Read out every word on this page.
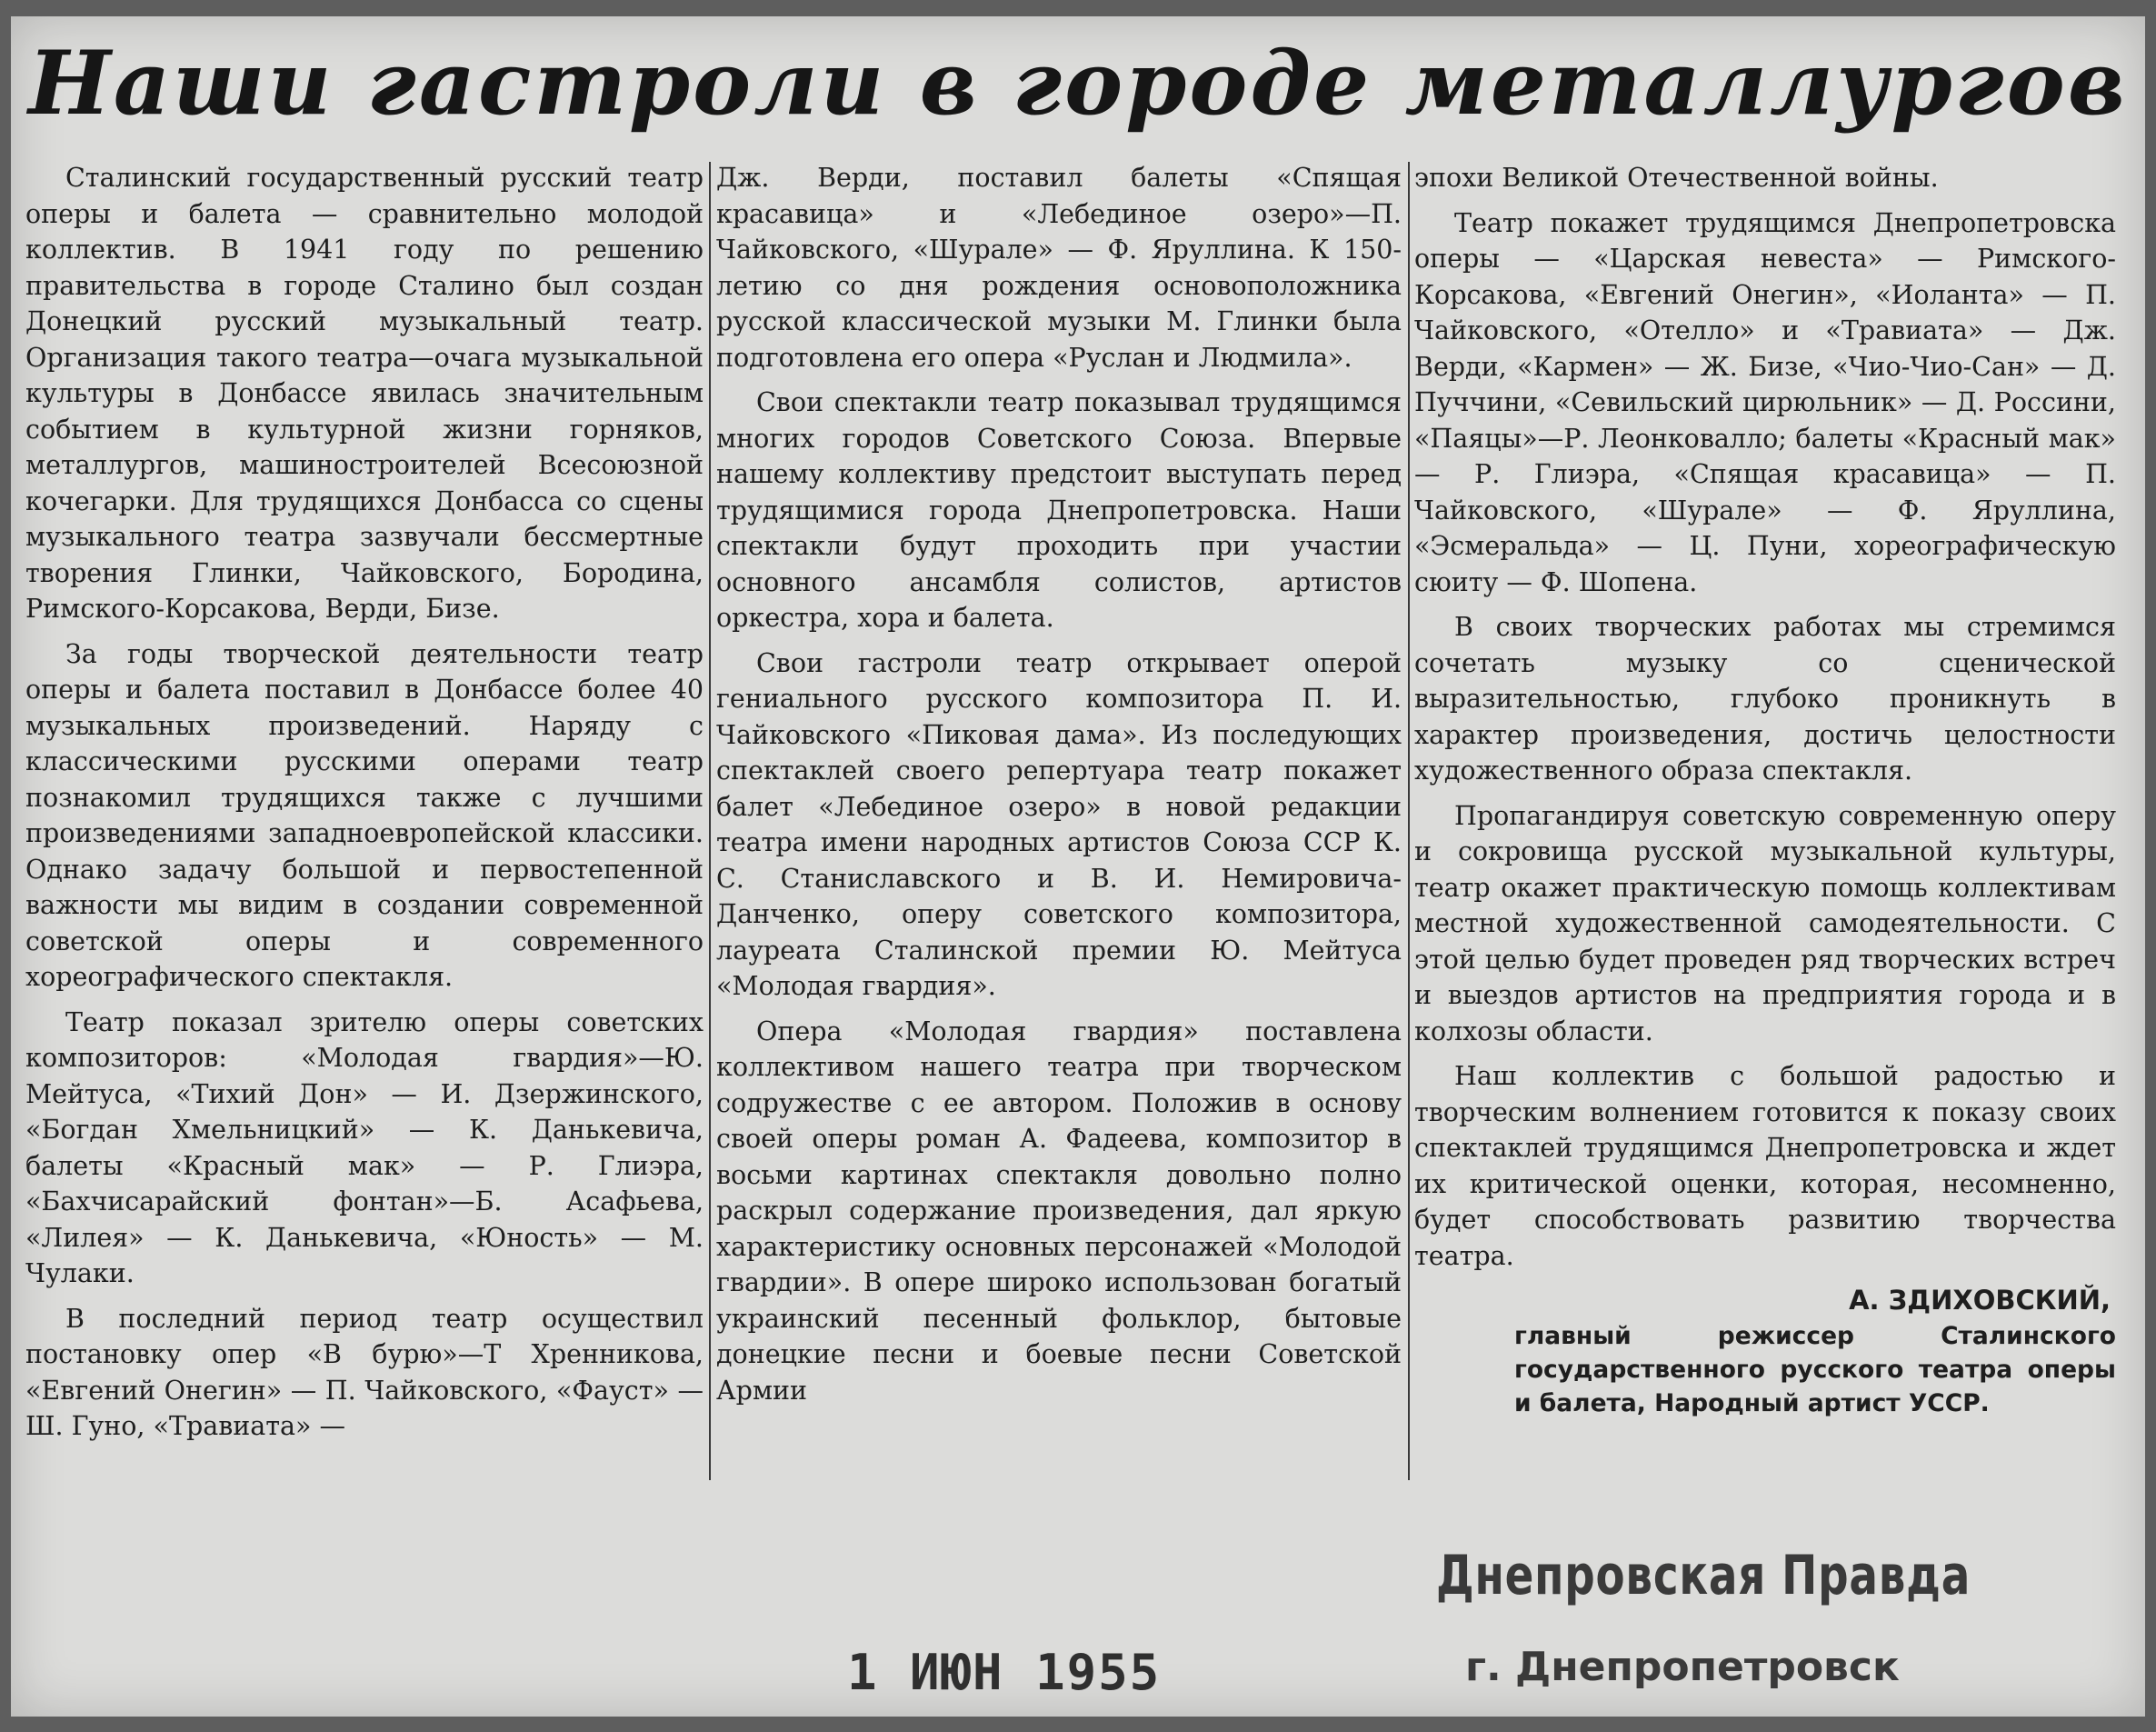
Наши гастроли в городе металлургов

Сталинский государственный русский театр оперы и балета — сравнительно молодой коллектив. В 1941 году по решению правительства в городе Сталино был создан Донецкий русский музыкальный театр. Организация такого театра—очага музыкальной культуры в Донбассе явилась значительным событием в культурной жизни горняков, металлургов, машиностроителей Всесоюзной кочегарки. Для трудящихся Донбасса со сцены музыкального театра зазвучали бессмертные творения Глинки, Чайковского, Бородина, Римского-Корсакова, Верди, Бизе.

За годы творческой деятельности театр оперы и балета поставил в Донбассе более 40 музыкальных произведений. Наряду с классическими русскими операми театр познакомил трудящихся также с лучшими произведениями западноевропейской классики. Однако задачу большой и первостепенной важности мы видим в создании современной советской оперы и современного хореографического спектакля.

Театр показал зрителю оперы советских композиторов: «Молодая гвардия»—Ю. Мейтуса, «Тихий Дон» — И. Дзержинского, «Богдан Хмельницкий» — К. Данькевича, балеты «Красный мак» — Р. Глиэра, «Бахчисарайский фонтан»—Б. Асафьева, «Лилея» — К. Данькевича, «Юность» — М. Чулаки.

В последний период театр осуществил постановку опер «В бурю»—Т Хренникова, «Евгений Онегин» — П. Чайковского, «Фауст» — Ш. Гуно, «Травиата» —

Дж. Верди, поставил балеты «Спящая красавица» и «Лебединое озеро»—П. Чайковского, «Шурале» — Ф. Яруллина. К 150-летию со дня рождения основоположника русской классической музыки М. Глинки была подготовлена его опера «Руслан и Людмила».

Свои спектакли театр показывал трудящимся многих городов Советского Союза. Впервые нашему коллективу предстоит выступать перед трудящимися города Днепропетровска. Наши спектакли будут проходить при участии основного ансамбля солистов, артистов оркестра, хора и балета.

Свои гастроли театр открывает оперой гениального русского композитора П. И. Чайковского «Пиковая дама». Из последующих спектаклей своего репертуара театр покажет балет «Лебединое озеро» в новой редакции театра имени народных артистов Союза ССР К. С. Станиславского и В. И. Немировича-Данченко, оперу советского композитора, лауреата Сталинской премии Ю. Мейтуса «Молодая гвардия».

Опера «Молодая гвардия» поставлена коллективом нашего театра при творческом содружестве с ее автором. Положив в основу своей оперы роман А. Фадеева, композитор в восьми картинах спектакля довольно полно раскрыл содержание произведения, дал яркую характеристику основных персонажей «Молодой гвардии». В опере широко использован богатый украинский песенный фольклор, бытовые донецкие песни и боевые песни Советской Армии

эпохи Великой Отечественной войны.

Театр покажет трудящимся Днепропетровска оперы — «Царская невеста» — Римского-Корсакова, «Евгений Онегин», «Иоланта» — П. Чайковского, «Отелло» и «Травиата» — Дж. Верди, «Кармен» — Ж. Бизе, «Чио-Чио-Сан» — Д. Пуччини, «Севильский цирюльник» — Д. Россини, «Паяцы»—Р. Леонковалло; балеты «Красный мак» — Р. Глиэра, «Спящая красавица» — П. Чайковского, «Шурале» — Ф. Яруллина, «Эсмеральда» — Ц. Пуни, хореографическую сюиту — Ф. Шопена.

В своих творческих работах мы стремимся сочетать музыку со сценической выразительностью, глубоко проникнуть в характер произведения, достичь целостности художественного образа спектакля.

Пропагандируя советскую современную оперу и сокровища русской музыкальной культуры, театр окажет практическую помощь коллективам местной художественной самодеятельности. С этой целью будет проведен ряд творческих встреч и выездов артистов на предприятия города и в колхозы области.

Наш коллектив с большой радостью и творческим волнением готовится к показу своих спектаклей трудящимся Днепропетровска и ждет их критической оценки, которая, несомненно, будет способствовать развитию творчества театра.

А. ЗДИХОВСКИЙ,
главный режиссер Сталинского государственного русского театра оперы и балета, Народный артист УССР.
Днепровская Правда
г. Днепропетровск
1 ИЮН 1955
